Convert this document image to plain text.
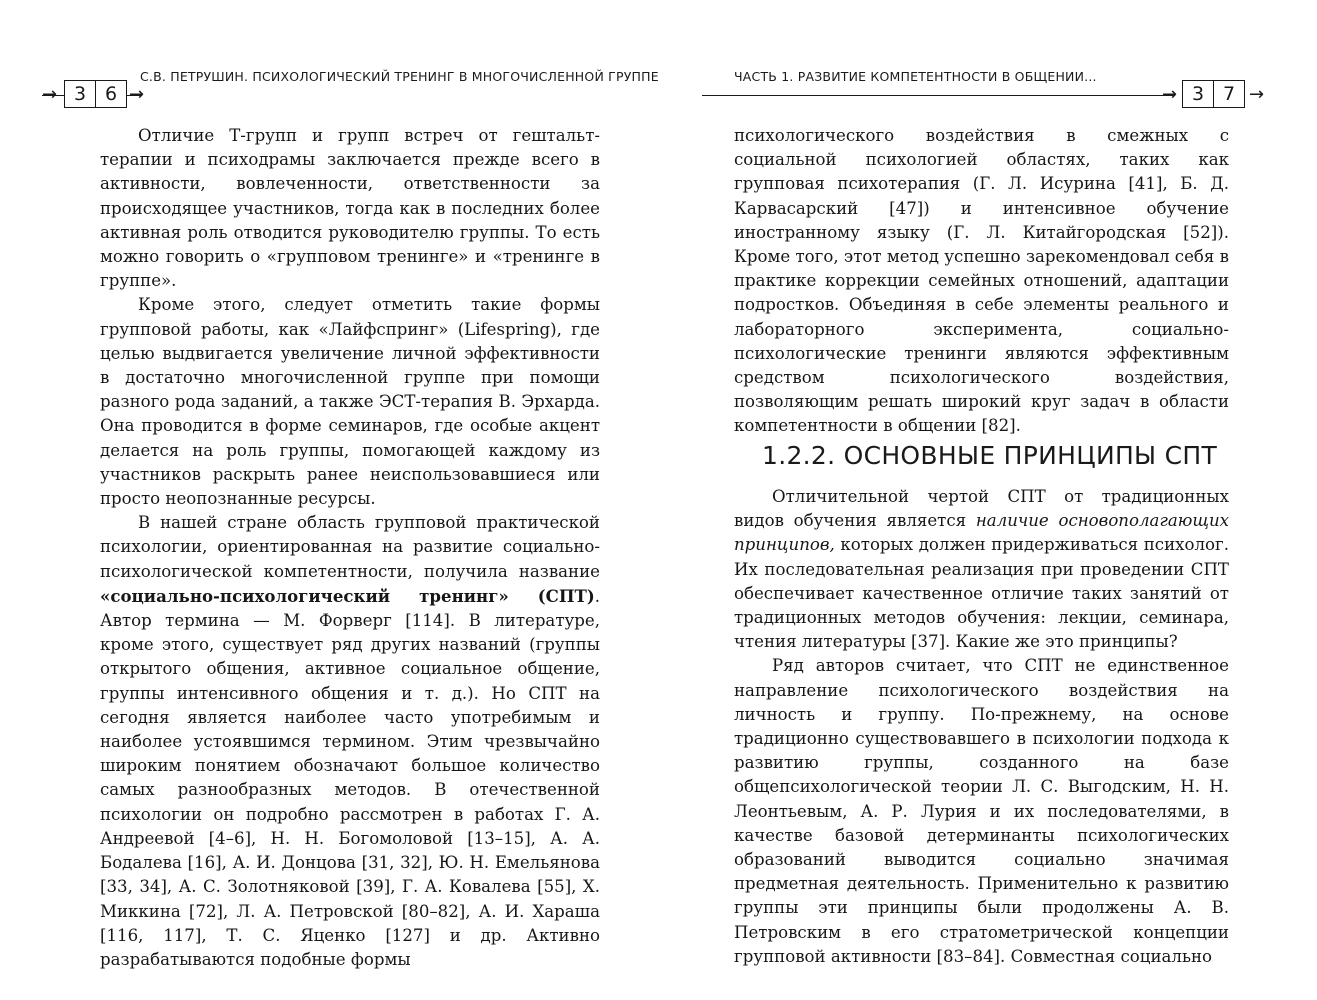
→ 3 6 →
С.В. ПЕТРУШИН. ПСИХОЛОГИЧЕСКИЙ ТРЕНИНГ В МНОГОЧИСЛЕННОЙ ГРУППЕ

Отличие Т-групп и групп встреч от гештальт-терапии и психодрамы заключается прежде всего в активности, вовлеченности, ответственности за происходящее участников, тогда как в последних более активная роль отводится руководителю группы. То есть можно говорить о «групповом тренинге» и «тренинге в группе».

Кроме этого, следует отметить такие формы групповой работы, как «Лайфспринг» (Lifespring), где целью выдвигается увеличение личной эффективности в достаточно многочисленной группе при помощи разного рода заданий, а также ЭСТ-терапия В. Эрхарда. Она проводится в форме семинаров, где особые акцент делается на роль группы, помогающей каждому из участников раскрыть ранее неиспользовавшиеся или просто неопознанные ресурсы.

В нашей стране область групповой практической психологии, ориентированная на развитие социально-психологической компетентности, получила название «социально-психологический тренинг» (СПТ). Автор термина — М. Форверг [114]. В литературе, кроме этого, существует ряд других названий (группы открытого общения, активное социальное общение, группы интенсивного общения и т. д.). Но СПТ на сегодня является наиболее часто употребимым и наиболее устоявшимся термином. Этим чрезвычайно широким понятием обозначают большое количество самых разнообразных методов. В отечественной психологии он подробно рассмотрен в работах Г. А. Андреевой [4–6], Н. Н. Богомоловой [13–15], А. А. Бодалева [16], А. И. Донцова [31, 32], Ю. Н. Емельянова [33, 34], А. С. Золотняковой [39], Г. А. Ковалева [55], Х. Миккина [72], Л. А. Петровской [80–82], А. И. Хараша [116, 117], Т. С. Яценко [127] и др. Активно разрабатываются подобные формы

ЧАСТЬ 1. РАЗВИТИЕ КОМПЕТЕНТНОСТИ В ОБЩЕНИИ...
→ 3 7 →

психологического воздействия в смежных с социальной психологией областях, таких как групповая психотерапия (Г. Л. Исурина [41], Б. Д. Карвасарский [47]) и интенсивное обучение иностранному языку (Г. Л. Китайгородская [52]). Кроме того, этот метод успешно зарекомендовал себя в практике коррекции семейных отношений, адаптации подростков. Объединяя в себе элементы реального и лабораторного эксперимента, социально-психологические тренинги являются эффективным средством психологического воздействия, позволяющим решать широкий круг задач в области компетентности в общении [82].

1.2.2. ОСНОВНЫЕ ПРИНЦИПЫ СПТ

Отличительной чертой СПТ от традиционных видов обучения является наличие основополагающих принципов, которых должен придерживаться психолог. Их последовательная реализация при проведении СПТ обеспечивает качественное отличие таких занятий от традиционных методов обучения: лекции, семинара, чтения литературы [37]. Какие же это принципы?

Ряд авторов считает, что СПТ не единственное направление психологического воздействия на личность и группу. По-прежнему, на основе традиционно существовавшего в психологии подхода к развитию группы, созданного на базе общепсихологической теории Л. С. Выгодским, Н. Н. Леонтьевым, А. Р. Лурия и их последователями, в качестве базовой детерминанты психологических образований выводится социально значимая предметная деятельность. Применительно к развитию группы эти принципы были продолжены А. В. Петровским в его стратометрической концепции групповой активности [83–84]. Совместная социально
